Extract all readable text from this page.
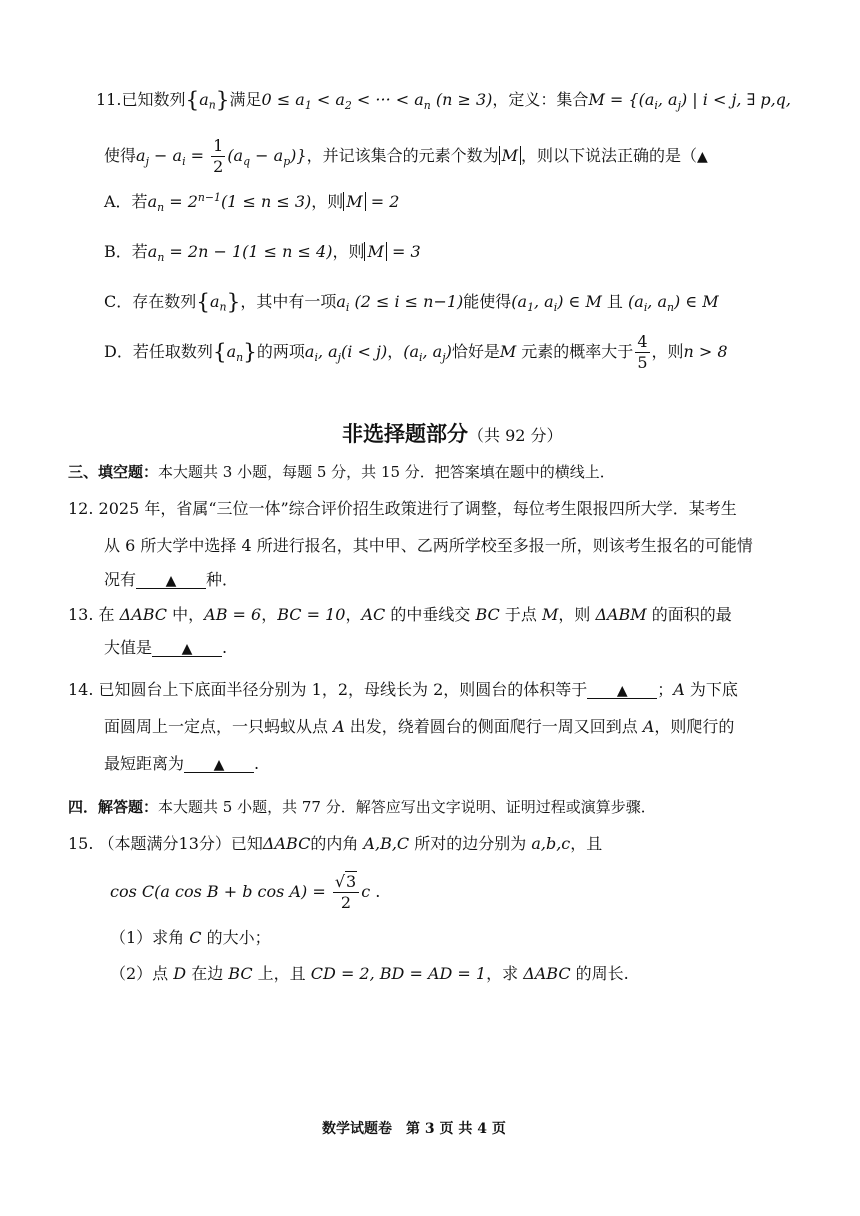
11.已知数列$\{a_n\}$满足$0 \le a_1 < a_2$ < ··· < $a_n$ (n ≥ 3)，定义：集合$M = \{(a_i$, $a_j$) | i < j, ∃ p,q,
使得$a_j - a_i = \frac{1}{2} (a_q - a_p)$}，并记该集合的元素个数为 M ，则以下说法正确的是（▲
A．若$a_n = 2^{n-1}(1 \le n \le 3)$，则 M = 2
B．若$a_n = 2n - 1(1 \le n \le 4)$，则 M = 3
C．存在数列$\{a_n\}$，其中有一项$a_i$ (2 ≤ i ≤ n−1)能使得($a_1$, $a_i$) ∈ M 且 ($a_i$, $a_n$) ∈ M
D．若任取数列$\{a_n\}$的两项$a_i$, $a_j(i < j)$，($a_i$, $a_j$)恰好是M 元素的概率大于 $\frac{4}{5}$ ，则n > 8
非选择题部分（共 92 分）
三、填空题：本大题共 3 小题，每题 5 分，共 15 分．把答案填在题中的横线上．
12. 2025 年，省属“三位一体”综合评价招生政策进行了调整，每位考生限报四所大学．某考生
从 6 所大学中选择 4 所进行报名，其中甲、乙两所学校至多报一所，则该考生报名的可能情
况有 ▲ 种．
13. 在 ΔABC 中，AB = 6，BC = 10，AC 的中垂线交 BC 于点 M，则 ΔABM 的面积的最
大值是 ▲ .
14. 已知圆台上下底面半径分别为 1，2，母线长为 2，则圆台的体积等于 ▲ ；A 为下底
面圆周上一定点，一只蚂蚁从点 A 出发，绕着圆台的侧面爬行一周又回到点 A，则爬行的
最短距离为 ▲ .
四．解答题：本大题共 5 小题，共 77 分．解答应写出文字说明、证明过程或演算步骤．
15. （本题满分13分）已知ΔABC的内角 A,B,C 所对的边分别为 a,b,c，且
cos C(a cos B + b $\cos A) = \frac{√3}{2}$ c .
（1）求角 C 的大小；
（2）点 D 在边 BC 上，且 CD = 2, BD = AD = 1，求 ΔABC 的周长.
数学试题卷　第 3 页 共 4 页
